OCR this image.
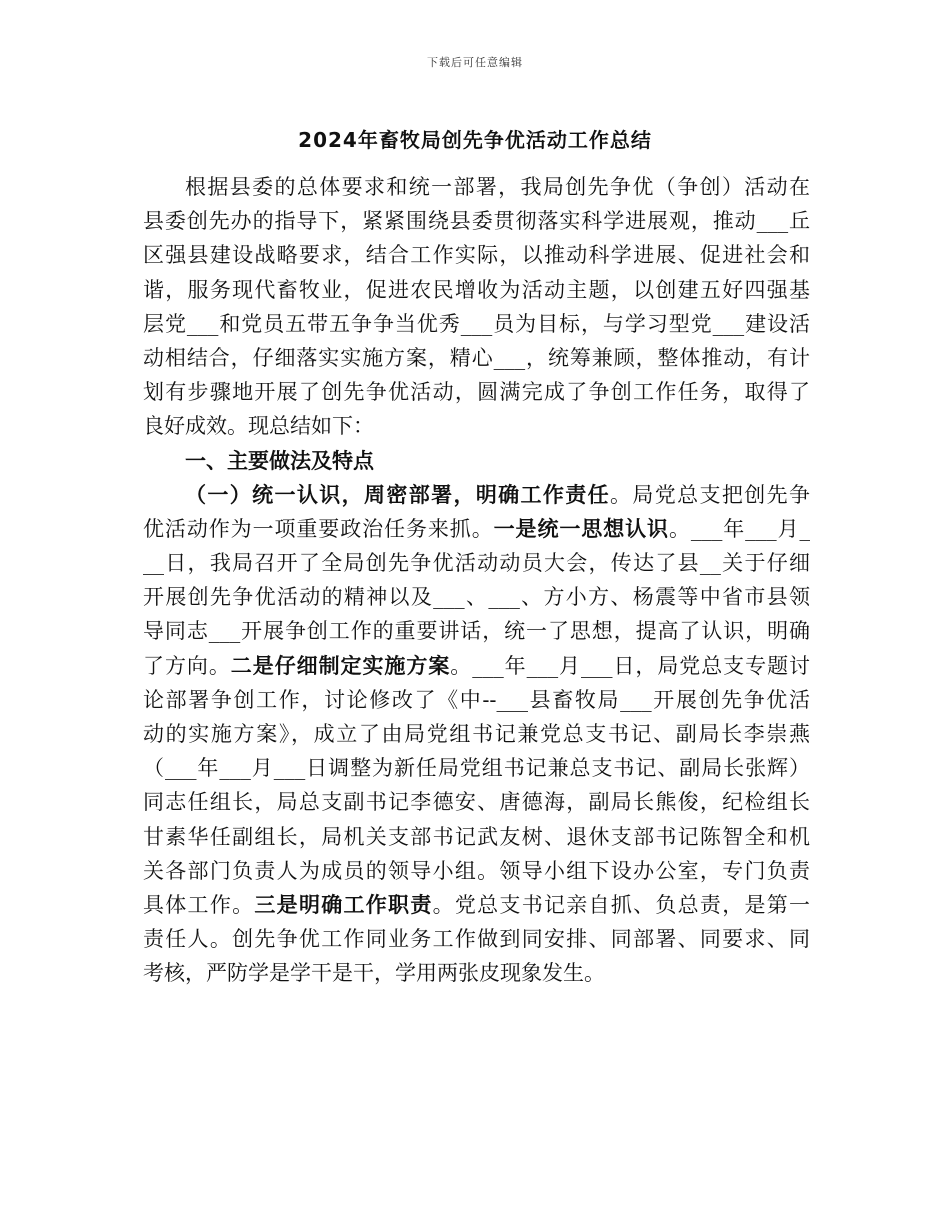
下载后可任意编辑
2024年畜牧局创先争优活动工作总结
根据县委的总体要求和统一部署，我局创先争优（争创）活动在
县委创先办的指导下，紧紧围绕县委贯彻落实科学进展观，推动___丘
区强县建设战略要求，结合工作实际，以推动科学进展、促进社会和
谐，服务现代畜牧业，促进农民增收为活动主题，以创建五好四强基
层党___和党员五带五争争当优秀___员为目标，与学习型党___建设活
动相结合，仔细落实实施方案，精心___，统筹兼顾，整体推动，有计
划有步骤地开展了创先争优活动，圆满完成了争创工作任务，取得了
良好成效。现总结如下：
一、主要做法及特点
（一）统一认识，周密部署，明确工作责任。局党总支把创先争
优活动作为一项重要政治任务来抓。一是统一思想认识。___年___月_
__日，我局召开了全局创先争优活动动员大会，传达了县__关于仔细
开展创先争优活动的精神以及___、___、方小方、杨震等中省市县领
导同志___开展争创工作的重要讲话，统一了思想，提高了认识，明确
了方向。二是仔细制定实施方案。___年___月___日，局党总支专题讨
论部署争创工作，讨论修改了《中--___县畜牧局___开展创先争优活
动的实施方案》，成立了由局党组书记兼党总支书记、副局长李崇燕
（___年___月___日调整为新任局党组书记兼总支书记、副局长张辉）
同志任组长，局总支副书记李德安、唐德海，副局长熊俊，纪检组长
甘素华任副组长，局机关支部书记武友树、退休支部书记陈智全和机
关各部门负责人为成员的领导小组。领导小组下设办公室，专门负责
具体工作。三是明确工作职责。党总支书记亲自抓、负总责，是第一
责任人。创先争优工作同业务工作做到同安排、同部署、同要求、同
考核，严防学是学干是干，学用两张皮现象发生。
